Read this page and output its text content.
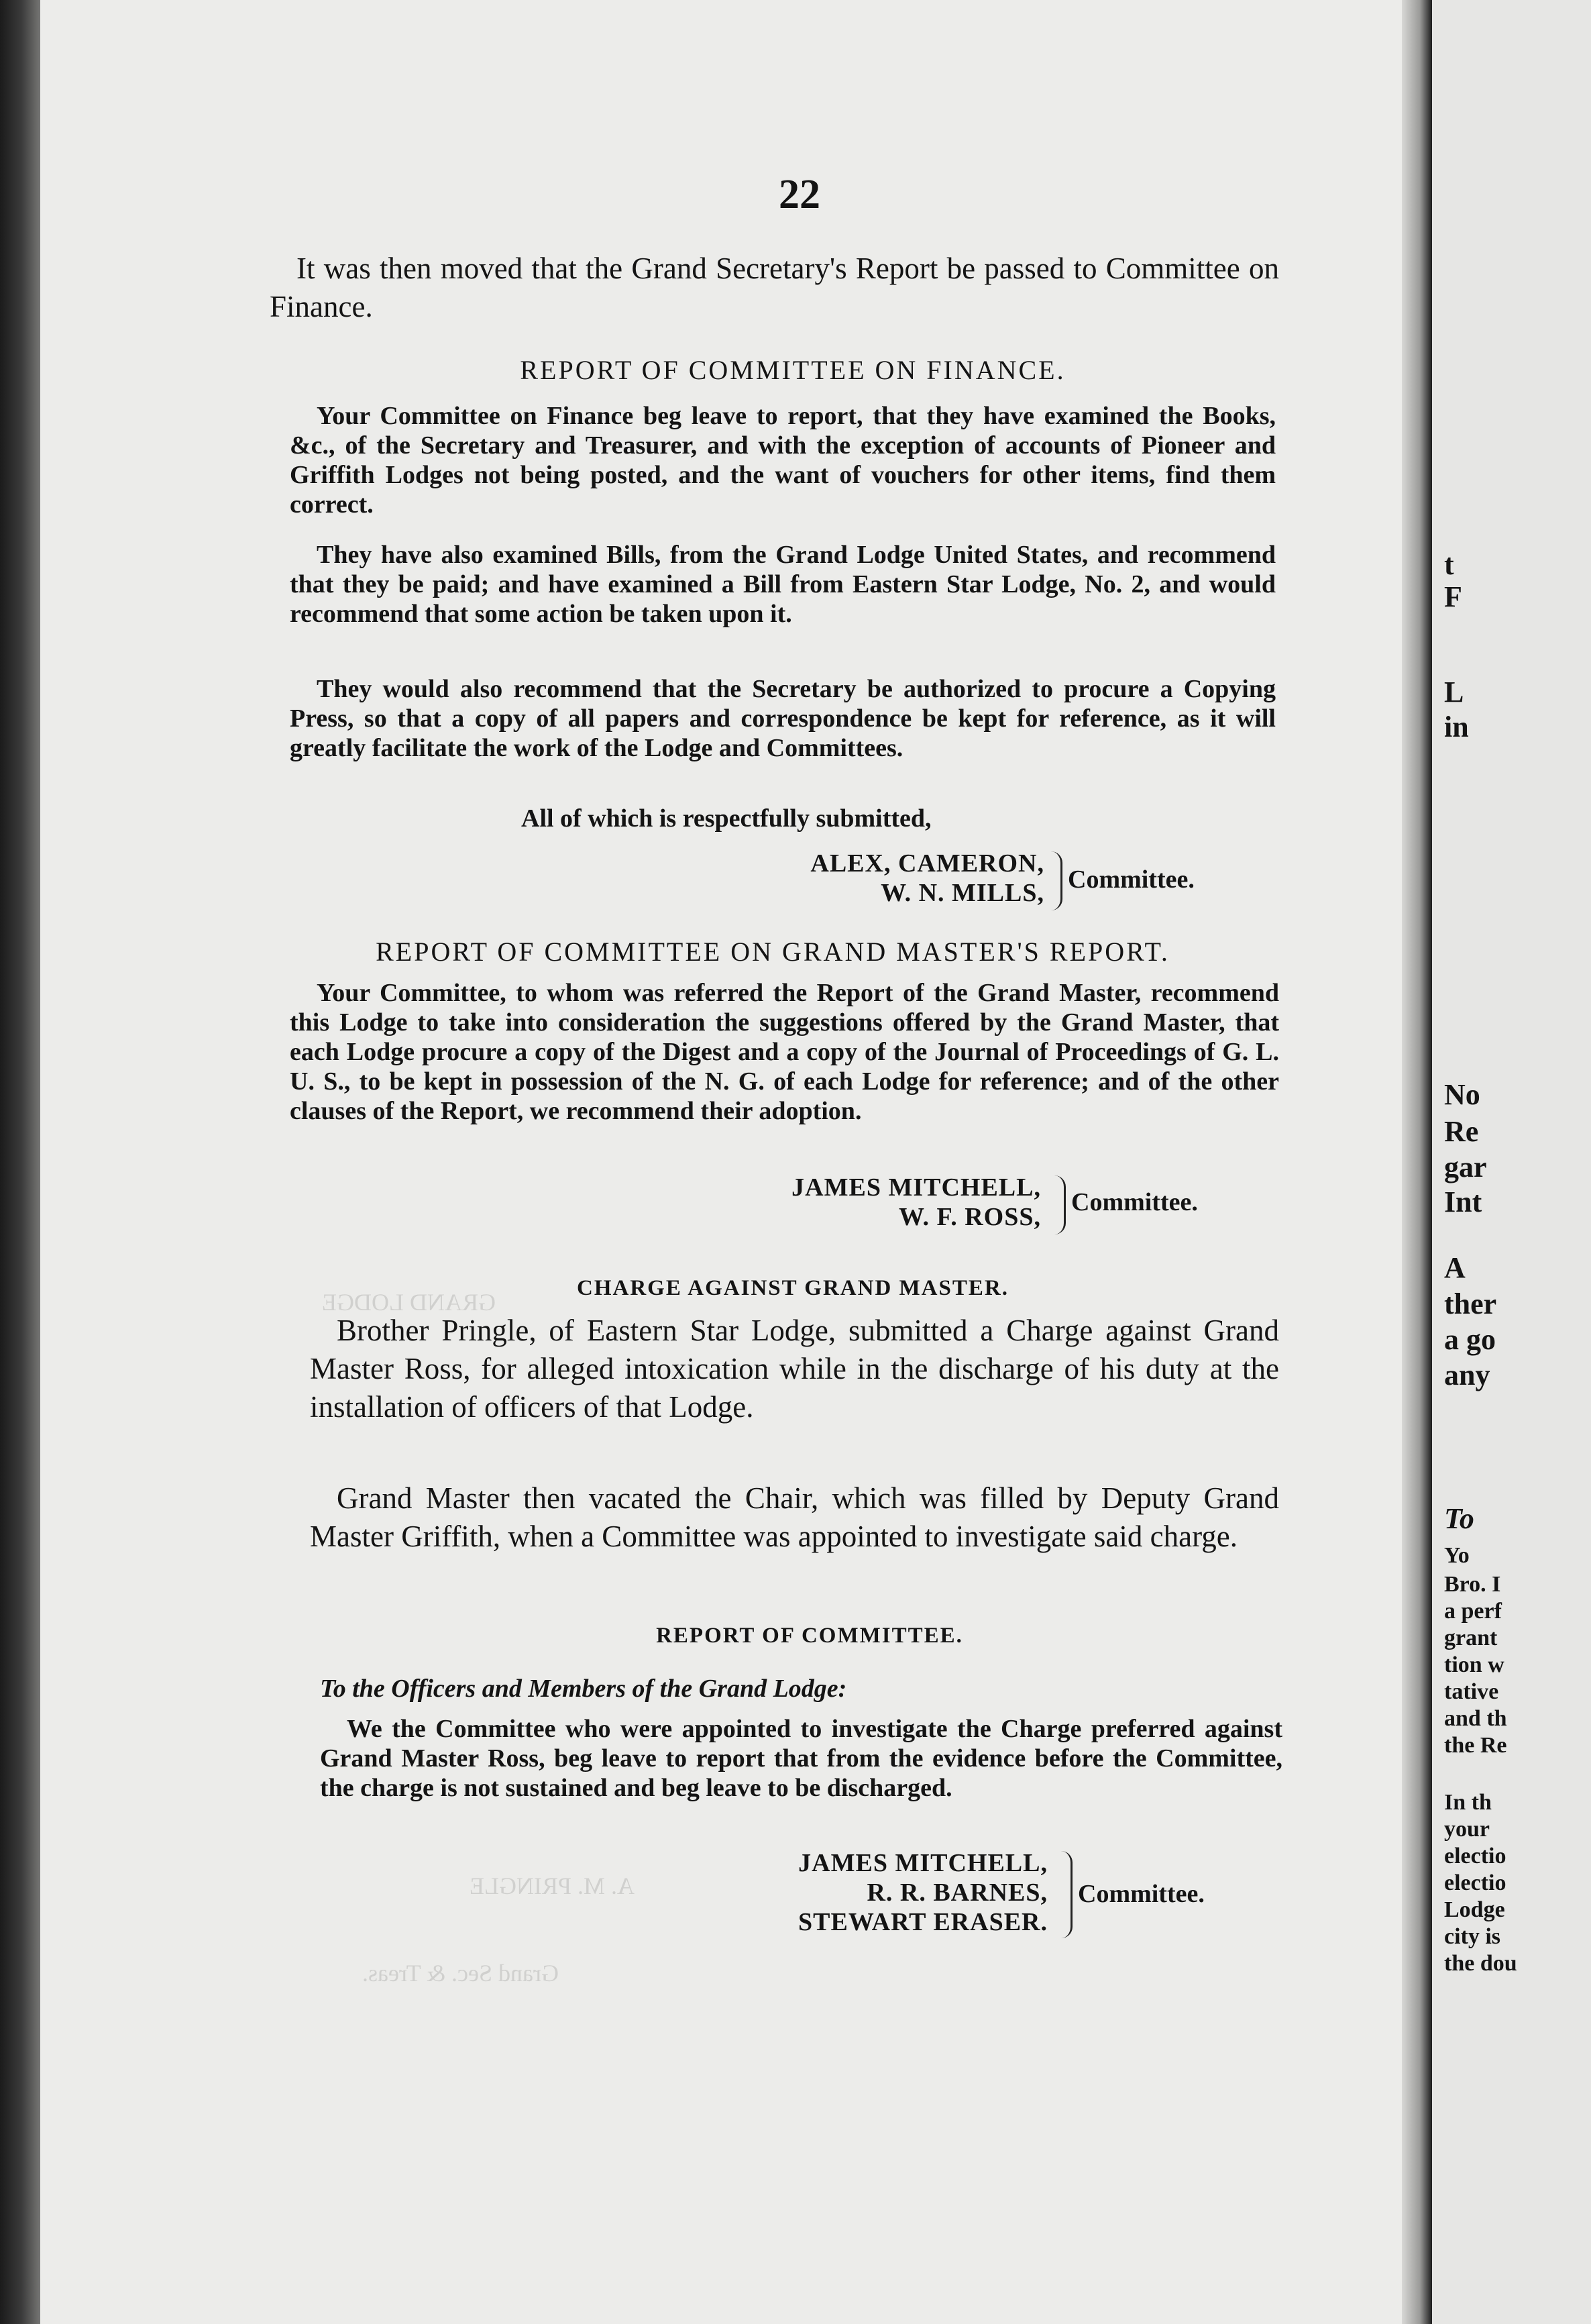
22
It was then moved that the Grand Secretary's Report be passed to Committee on Finance.
REPORT OF COMMITTEE ON FINANCE.
Your Committee on Finance beg leave to report, that they have examined the Books, &c., of the Secretary and Treasurer, and with the exception of accounts of Pioneer and Griffith Lodges not being posted, and the want of vouchers for other items, find them correct.
They have also examined Bills, from the Grand Lodge United States, and recommend that they be paid; and have examined a Bill from Eastern Star Lodge, No. 2, and would recommend that some action be taken upon it.
They would also recommend that the Secretary be authorized to procure a Copying Press, so that a copy of all papers and correspondence be kept for reference, as it will greatly facilitate the work of the Lodge and Committees.
All of which is respectfully submitted,
ALEX, CAMERON,
W. N. MILLS, Committee.
REPORT OF COMMITTEE ON GRAND MASTER'S REPORT.
Your Committee, to whom was referred the Report of the Grand Master, recommend this Lodge to take into consideration the suggestions offered by the Grand Master, that each Lodge procure a copy of the Digest and a copy of the Journal of Proceedings of G. L. U. S., to be kept in possession of the N. G. of each Lodge for reference; and of the other clauses of the Report, we recommend their adoption.
JAMES MITCHELL,
W. F. ROSS,
Committee.
CHARGE AGAINST GRAND MASTER.
Brother Pringle, of Eastern Star Lodge, submitted a Charge against Grand Master Ross, for alleged intoxication while in the discharge of his duty at the installation of officers of that Lodge.
Grand Master then vacated the Chair, which was filled by Deputy Grand Master Griffith, when a Committee was appointed to investigate said charge.
REPORT OF COMMITTEE.
To the Officers and Members of the Grand Lodge:
We the Committee who were appointed to investigate the Charge preferred against Grand Master Ross, beg leave to report that from the evidence before the Committee, the charge is not sustained and beg leave to be discharged.
JAMES MITCHELL,
R. R. BARNES,
STEWART ERASER.
Committee.
GRAND LODGE
A. M. PRINGLE
Grand Sec. & Treas.
t
F
L
in
No
Re
gar
Int
A
ther
a go
any
To
Yo
Bro. I
a perf
grant
tion w
tative
and th
the Re
In th
your
electio
electio
Lodge
city is
the dou
